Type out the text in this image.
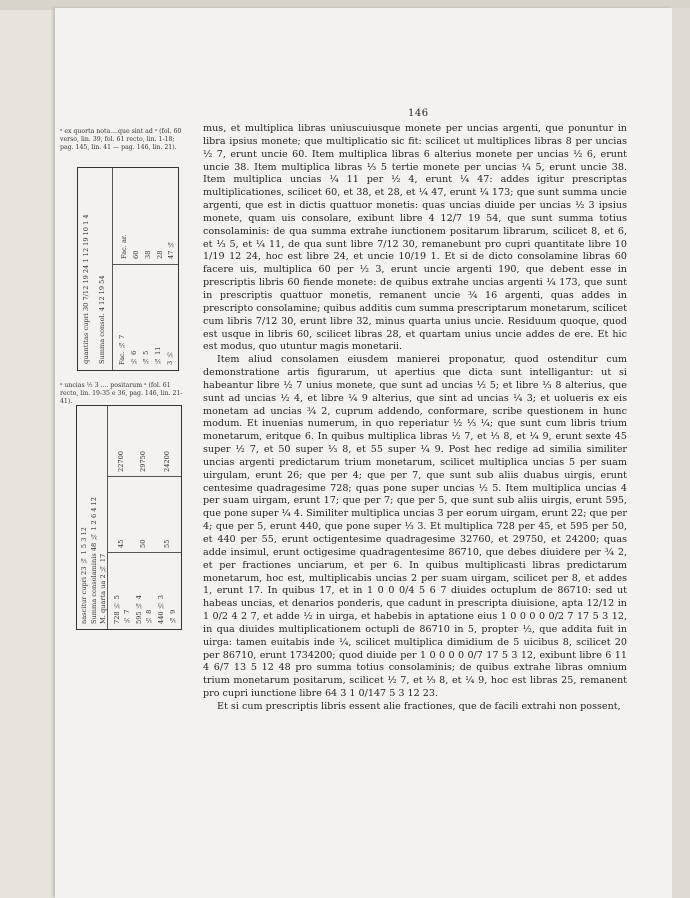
146
ᵃ ex quorta nota....que sint ad ᵃ (fol. 60 verso, lin. 39, fol. 61 recto, lin. 1-18; pag. 145, lin. 41 — pag. 146, lin. 21).
ᵃ uncias ½ 3 .... positarum ᵃ (fol. 61 recto, lin. 19-35 e 36, pag. 146, lin. 21-41).
quantitas cupri 30 7/12 19 24 1 12 19 10 1 4 Summa consol. 4 12 19 54 Fac. ¼ 7 ½ 6 ¼ 5 ¼ 11 3 ½
Fac. ar. 60 38 28 47 ¼
nascitur cupri 23 ¼ 1 5 3 12 Summa consolaminis 48 ¾ 1 2 6 4 12 M. quarta ua 2 ¾ 17
22700 29750 24200
45 50 55
728 ½ 5 595 ¼ 4 440 ⅓ 3
½ 7 ⅓ 8 ¼ 9

mus, et multiplica libras uniuscuiusque monete per uncias argenti, que ponuntur in libra ipsius monete; que multiplicatio sic fit: scilicet ut multiplices libras 8 per uncias ½ 7, erunt uncie 60. Item multiplica libras 6 alterius monete per uncias ½ 6, erunt uncie 38. Item multiplica libras ⅓ 5 tertie monete per uncias ¼ 5, erunt uncie 38. Item multiplica uncias ¼ 11 per ½ 4, erunt ¼ 47: addes igitur prescriptas multiplicationes, scilicet 60, et 38, et 28, et ¼ 47, erunt ¼ 173; que sunt summa uncie argenti, que est in dictis quattuor monetis: quas uncias diuide per uncias ½ 3 ipsius monete, quam uis consolare, exibunt libre 4 12/7 19 54, que sunt summa totius consolaminis: de qua summa extrahe iunctionem positarum librarum, scilicet 8, et 6, et ⅓ 5, et ¼ 11, de qua sunt libre 7/12 30, remanebunt pro cupri quantitate libre 10 1/19 12 24, hoc est libre 24, et uncie 10/19 1. Et si de dicto consolamine libras 60 facere uis, multiplica 60 per ½ 3, erunt uncie argenti 190, que debent esse in prescriptis libris 60 fiende monete: de quibus extrahe uncias argenti ¼ 173, que sunt in prescriptis quattuor monetis, remanent uncie ¾ 16 argenti, quas addes in prescripto consolamine; quibus additis cum summa prescriptarum monetarum, scilicet cum libris 7/12 30, erunt libre 32, minus quarta unius uncie. Residuum quoque, quod est usque in libris 60, scilicet libras 28, et quartam unius uncie addes de ere. Et hic est modus, quo utuntur magis monetarii.

Item aliud consolamen eiusdem manierei proponatur, quod ostenditur cum demonstratione artis figurarum, ut apertius que dicta sunt intelligantur: ut si habeantur libre ½ 7 unius monete, que sunt ad uncias ½ 5; et libre ⅓ 8 alterius, que sunt ad uncias ½ 4, et libre ¼ 9 alterius, que sint ad uncias ¼ 3; et uolueris ex eis monetam ad uncias ¾ 2, cuprum addendo, conformare, scribe questionem in hunc modum. Et inuenias numerum, in quo reperiatur ½ ⅓ ¼; que sunt cum libris trium monetarum, eritque 6. In quibus multiplica libras ½ 7, et ⅓ 8, et ¼ 9, erunt sexte 45 super ½ 7, et 50 super ⅓ 8, et 55 super ¼ 9. Post hec redige ad similia similiter uncias argenti predictarum trium monetarum, scilicet multiplica uncias 5 per suam uirgulam, erunt 26; que per 4; que per 7, que sunt sub aliis duabus uirgis, erunt centesime quadragesime 728; quas pone super uncias ½ 5. Item multiplica uncias 4 per suam uirgam, erunt 17; que per 7; que per 5, que sunt sub aliis uirgis, erunt 595, que pone super ¼ 4. Similiter multiplica uncias 3 per eorum uirgam, erunt 22; que per 4; que per 5, erunt 440, que pone super ⅓ 3. Et multiplica 728 per 45, et 595 per 50, et 440 per 55, erunt octigentesime quadragesime 32760, et 29750, et 24200; quas adde insimul, erunt octigesime quadragentesime 86710, que debes diuidere per ¾ 2, et per fractiones unciarum, et per 6. In quibus multiplicasti libras predictarum monetarum, hoc est, multiplicabis uncias 2 per suam uirgam, scilicet per 8, et addes 1, erunt 17. In quibus 17, et in 1 0 0 0/4 5 6 7 diuides octuplum de 86710: sed ut habeas uncias, et denarios ponderis, que cadunt in prescripta diuisione, apta 12/12 in 1 0/2 4 2 7, et adde ½ in uirga, et habebis in aptatione eius 1 0 0 0 0 0/2 7 17 5 3 12, in qua diuides multiplicationem octupli de 86710 in 5, propter ½, que addita fuit in uirga: tamen euitabis inde ¼, scilicet multiplica dimidium de 5 uicibus 8, scilicet 20 per 86710, erunt 1734200; quod diuide per 1 0 0 0 0 0/7 17 5 3 12, exibunt libre 6 11 4 6/7 13 5 12 48 pro summa totius consolaminis; de quibus extrahe libras omnium trium monetarum positarum, scilicet ½ 7, et ⅓ 8, et ¼ 9, hoc est libras 25, remanent pro cupri iunctione libre 64 3 1 0/147 5 3 12 23.

Et si cum prescriptis libris essent alie fractiones, que de facili extrahi non possent,
